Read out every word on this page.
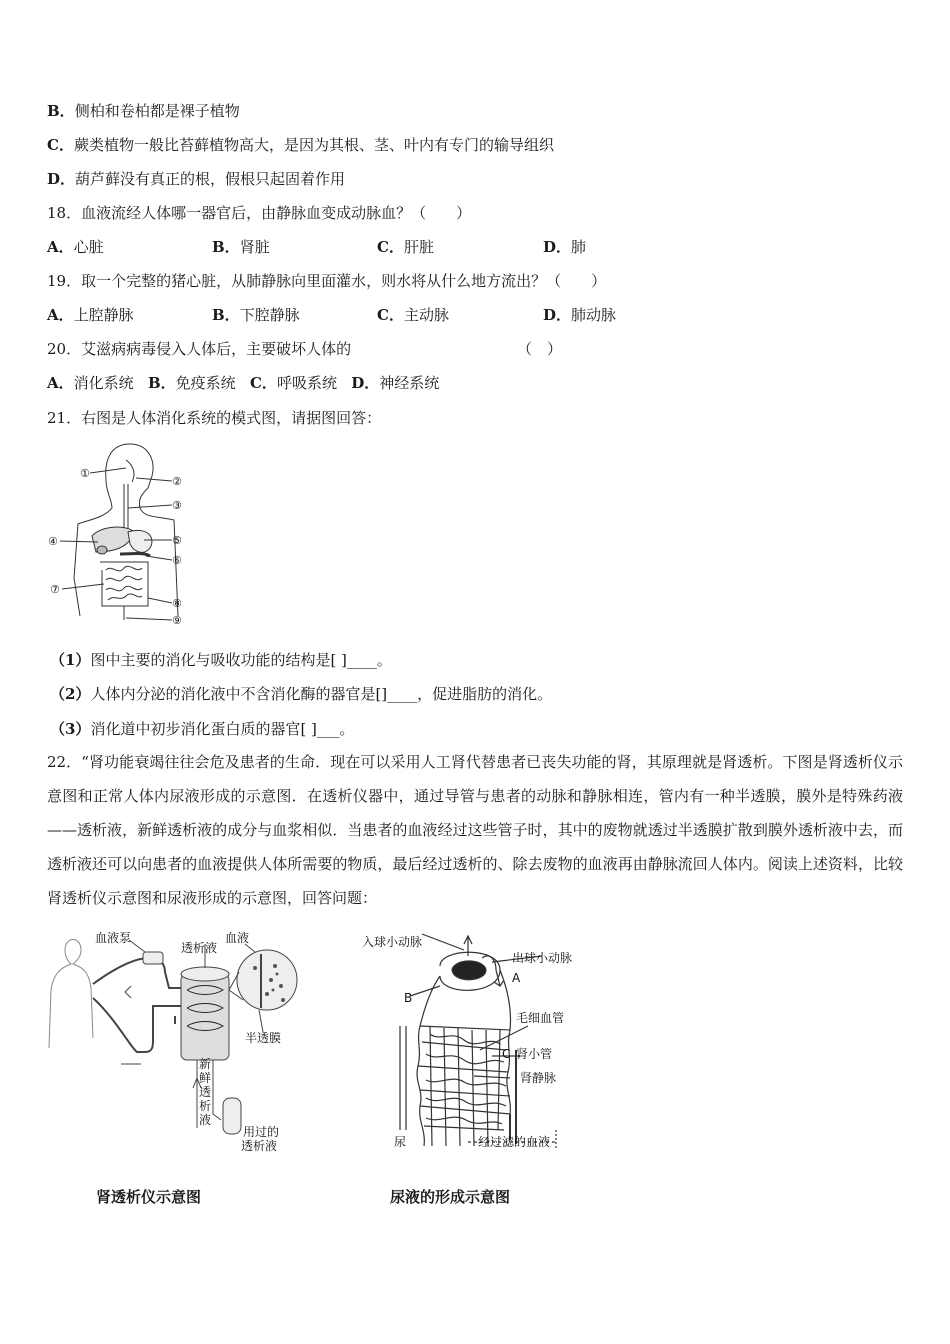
B．侧柏和卷柏都是裸子植物
C．蕨类植物一般比苔藓植物高大，是因为其根、茎、叶内有专门的输导组织
D．葫芦藓没有真正的根，假根只起固着作用
18．血液流经人体哪一器官后，由静脉血变成动脉血？（　　）
A．心脏	B．肾脏	C．肝脏	D．肺
19．取一个完整的猪心脏，从肺静脉向里面灌水，则水将从什么地方流出？（　　）
A．上腔静脉	B．下腔静脉	C．主动脉	D．肺动脉
20．艾滋病病毒侵入人体后，主要破坏人体的	（　）
A．消化系统 B．免疫系统 C．呼吸系统 D．神经系统
21．右图是人体消化系统的模式图，请据图回答：
①
②
③
④	⑤
⑥
⑦
⑧
⑨
（1）图中主要的消化与吸收功能的结构是[ ]____。
（2）人体内分泌的消化液中不含消化酶的器官是[]____，促进脂肪的消化。
（3）消化道中初步消化蛋白质的器官[ ]___。
22．“肾功能衰竭往往会危及患者的生命．现在可以采用人工肾代替患者已丧失功能的肾，其原理就是肾透析。下图是肾透析仪示意图和正常人体内尿液形成的示意图．在透析仪器中，通过导管与患者的动脉和静脉相连，管内有一种半透膜，膜外是特殊药液——透析液，新鲜透析液的成分与血浆相似．当患者的血液经过这些管子时，其中的废物就透过半透膜扩散到膜外透析液中去，而透析液还可以向患者的血液提供人体所需要的物质，最后经过透析的、除去废物的血液再由静脉流回人体内。阅读上述资料，比较肾透析仪示意图和尿液形成的示意图，回答问题：
血液泵
透析液
血液
半透膜
新
鲜
透
析
液
用过的
透析液
肾透析仪示意图
入球小动脉
出球小动脉
A
B
毛细血管
C 肾小管
肾静脉
尿	经过滤的血液
尿液的形成示意图
